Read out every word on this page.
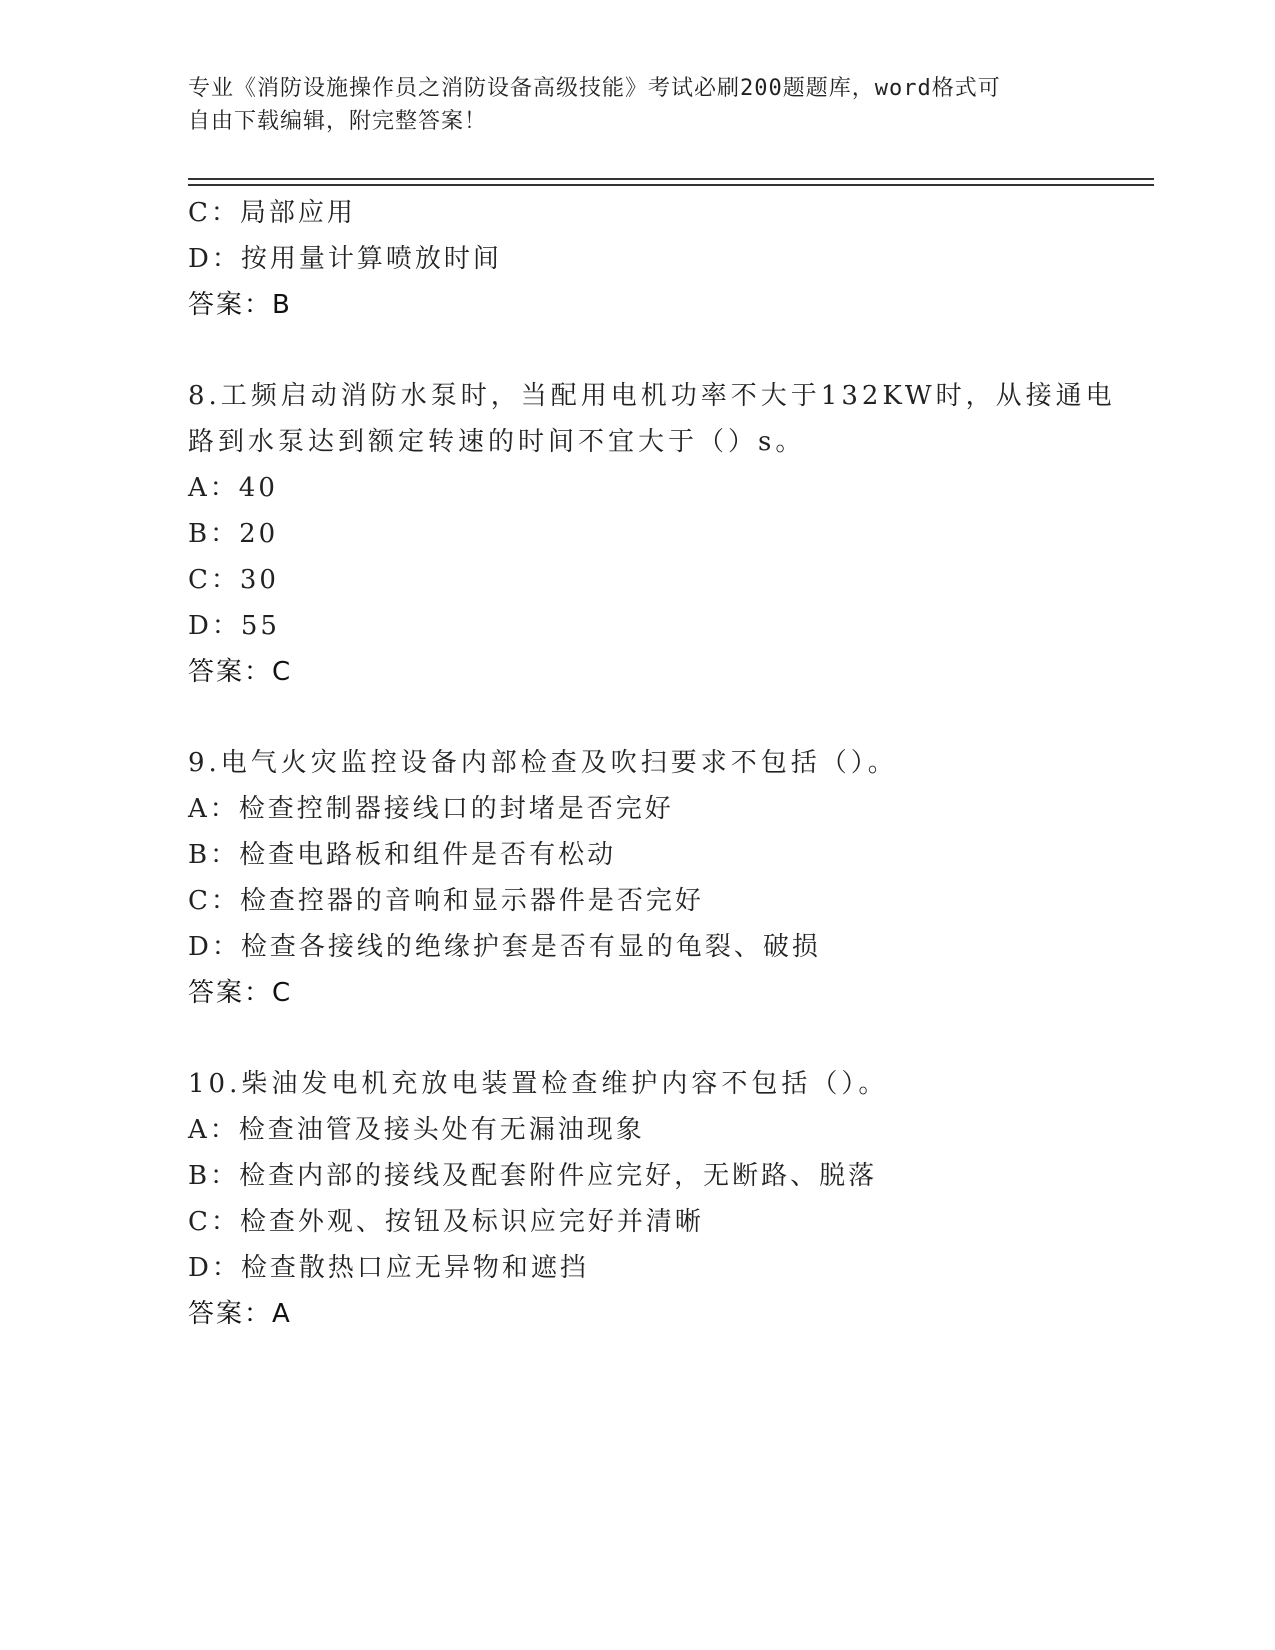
专业《消防设施操作员之消防设备高级技能》考试必刷200题题库，word格式可
自由下载编辑，附完整答案！
C：局部应用
D：按用量计算喷放时间
答案：B
8.工频启动消防水泵时，当配用电机功率不大于132KW时，从接通电
路到水泵达到额定转速的时间不宜大于（）s。
A：40
B：20
C：30
D：55
答案：C
9.电气火灾监控设备内部检查及吹扫要求不包括（）。
A：检查控制器接线口的封堵是否完好
B：检查电路板和组件是否有松动
C：检查控器的音响和显示器件是否完好
D：检查各接线的绝缘护套是否有显的龟裂、破损
答案：C
10.柴油发电机充放电装置检查维护内容不包括（）。
A：检查油管及接头处有无漏油现象
B：检查内部的接线及配套附件应完好，无断路、脱落
C：检查外观、按钮及标识应完好并清晰
D：检查散热口应无异物和遮挡
答案：A
